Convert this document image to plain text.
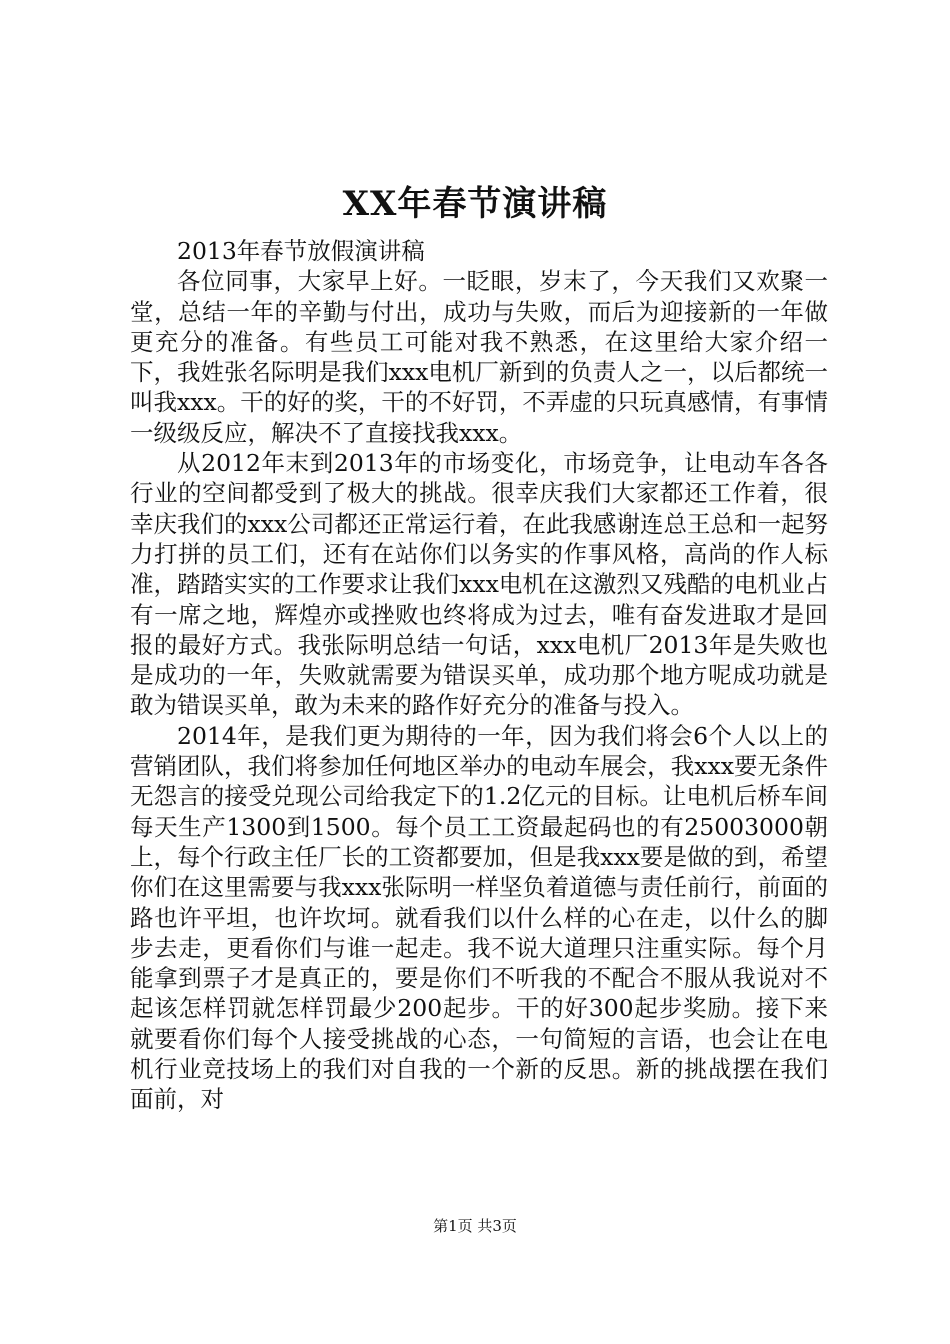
XX年春节演讲稿

2013年春节放假演讲稿

各位同事，大家早上好。一眨眼，岁末了，今天我们又欢聚一堂，总结一年的辛勤与付出，成功与失败，而后为迎接新的一年做更充分的准备。有些员工可能对我不熟悉，在这里给大家介绍一下，我姓张名际明是我们xxx电机厂新到的负责人之一，以后都统一叫我xxx。干的好的奖，干的不好罚，不弄虚的只玩真感情，有事情一级级反应，解决不了直接找我xxx。

从2012年末到2013年的市场变化，市场竞争，让电动车各各行业的空间都受到了极大的挑战。很幸庆我们大家都还工作着，很幸庆我们的xxx公司都还正常运行着，在此我感谢连总王总和一起努力打拼的员工们，还有在站你们以务实的作事风格，高尚的作人标准，踏踏实实的工作要求让我们xxx电机在这激烈又残酷的电机业占有一席之地，辉煌亦或挫败也终将成为过去，唯有奋发进取才是回报的最好方式。我张际明总结一句话，xxx电机厂2013年是失败也是成功的一年，失败就需要为错误买单，成功那个地方呢成功就是敢为错误买单，敢为未来的路作好充分的准备与投入。

2014年，是我们更为期待的一年，因为我们将会6个人以上的营销团队，我们将参加任何地区举办的电动车展会，我xxx要无条件无怨言的接受兑现公司给我定下的1.2亿元的目标。让电机后桥车间每天生产1300到1500。每个员工工资最起码也的有25003000朝上，每个行政主任厂长的工资都要加，但是我xxx要是做的到，希望你们在这里需要与我xxx张际明一样坚负着道德与责任前行，前面的路也许平坦，也许坎坷。就看我们以什么样的心在走，以什么的脚步去走，更看你们与谁一起走。我不说大道理只注重实际。每个月能拿到票子才是真正的，要是你们不听我的不配合不服从我说对不起该怎样罚就怎样罚最少200起步。干的好300起步奖励。接下来就要看你们每个人接受挑战的心态，一句简短的言语，也会让在电机行业竞技场上的我们对自我的一个新的反思。新的挑战摆在我们面前，对

第1页 共3页
